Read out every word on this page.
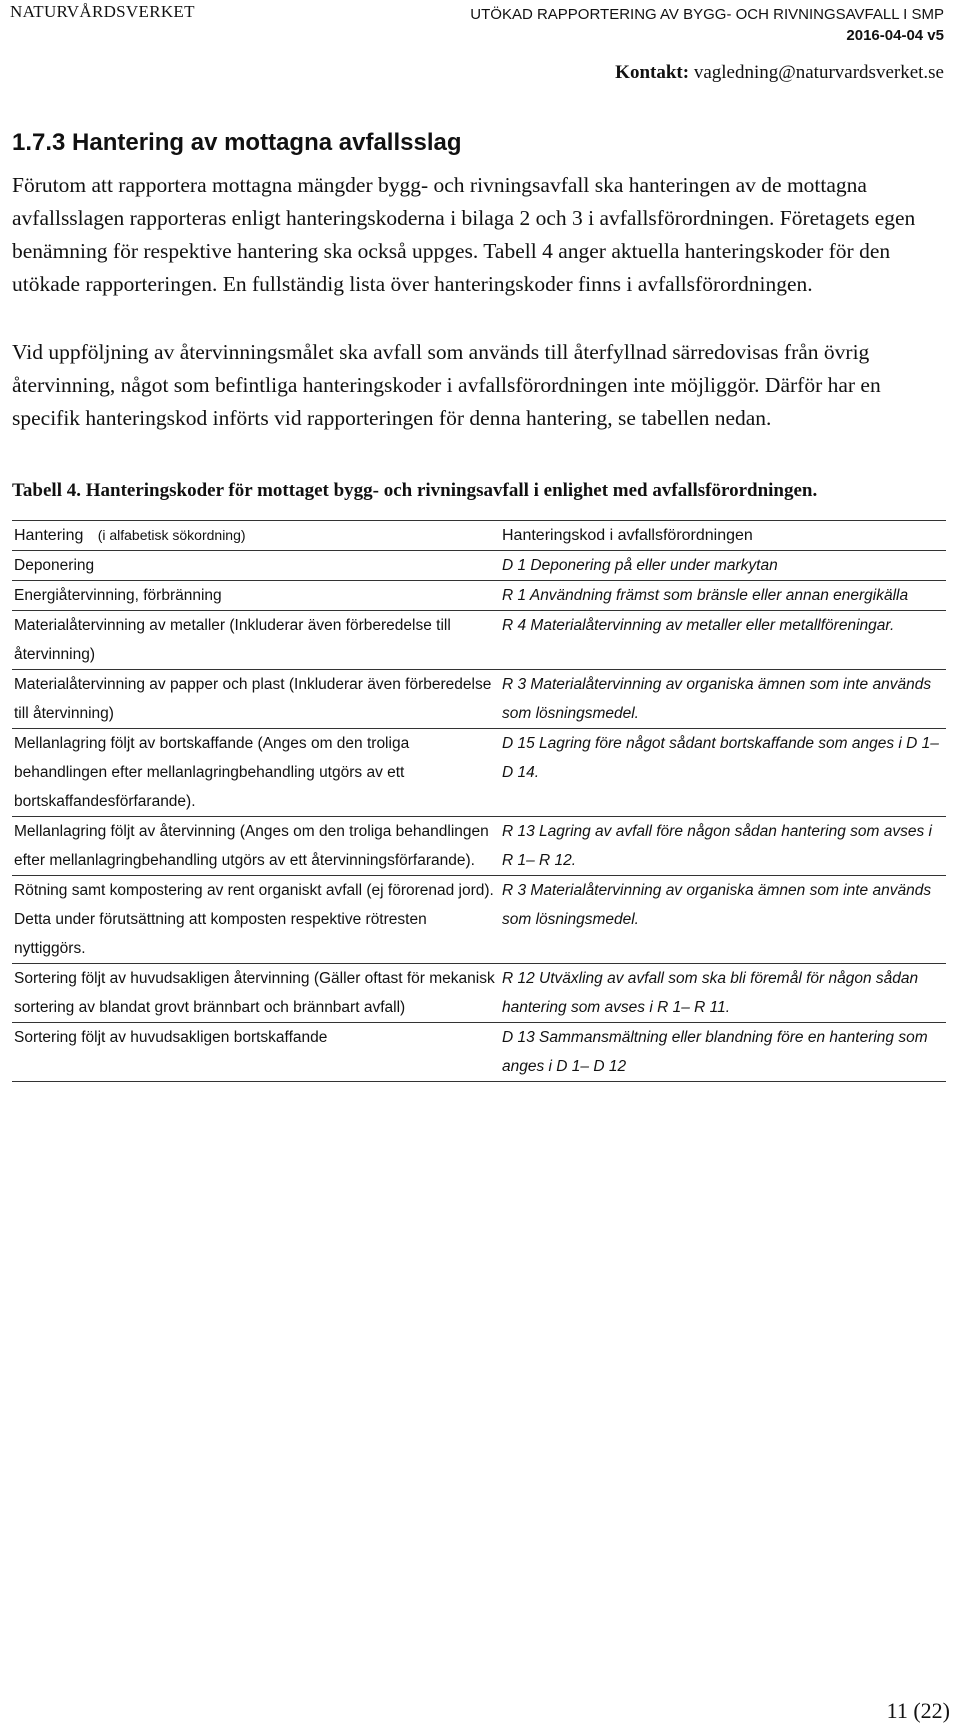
NATURVÅRDSVERKET	UTÖKAD RAPPORTERING AV BYGG- OCH RIVNINGSAVFALL I SMP
2016-04-04 v5
Kontakt: vagledning@naturvardsverket.se
1.7.3 Hantering av mottagna avfallsslag

Förutom att rapportera mottagna mängder bygg- och rivningsavfall ska hanteringen av de mottagna avfallsslagen rapporteras enligt hanteringskoderna i bilaga 2 och 3 i avfallsförordningen. Företagets egen benämning för respektive hantering ska också uppges. Tabell 4 anger aktuella hanteringskoder för den utökade rapporteringen. En fullständig lista över hanteringskoder finns i avfallsförordningen.

Vid uppföljning av återvinningsmålet ska avfall som används till återfyllnad särredovisas från övrig återvinning, något som befintliga hanteringskoder i avfallsförordningen inte möjliggör. Därför har en specifik hanteringskod införts vid rapporteringen för denna hantering, se tabellen nedan.

Tabell 4. Hanteringskoder för mottaget bygg- och rivningsavfall i enlighet med avfallsförordningen.
Hantering (i alfabetisk sökordning)	Hanteringskod i avfallsförordningen
Deponering	D 1 Deponering på eller under markytan
Energiåtervinning, förbränning	R 1 Användning främst som bränsle eller annan energikälla
Materialåtervinning av metaller (Inkluderar även förberedelse till återvinning)	R 4 Materialåtervinning av metaller eller metallföreningar.
Materialåtervinning av papper och plast (Inkluderar även förberedelse till återvinning)	R 3 Materialåtervinning av organiska ämnen som inte används som lösningsmedel.
Mellanlagring följt av bortskaffande (Anges om den troliga behandlingen efter mellanlagringbehandling utgörs av ett bortskaffandesförfarande).	D 15 Lagring före något sådant bortskaffande som anges i D 1– D 14.
Mellanlagring följt av återvinning (Anges om den troliga behandlingen efter mellanlagringbehandling utgörs av ett återvinningsförfarande).	R 13 Lagring av avfall före någon sådan hantering som avses i R 1– R 12.
Rötning samt kompostering av rent organiskt avfall (ej förorenad jord). Detta under förutsättning att komposten respektive rötresten nyttiggörs.	R 3 Materialåtervinning av organiska ämnen som inte används som lösningsmedel.
Sortering följt av huvudsakligen återvinning (Gäller oftast för mekanisk sortering av blandat grovt brännbart och brännbart avfall)	R 12 Utväxling av avfall som ska bli föremål för någon sådan hantering som avses i R 1– R 11.
Sortering följt av huvudsakligen bortskaffande	D 13 Sammansmältning eller blandning före en hantering som anges i D 1– D 12
11 (22)
